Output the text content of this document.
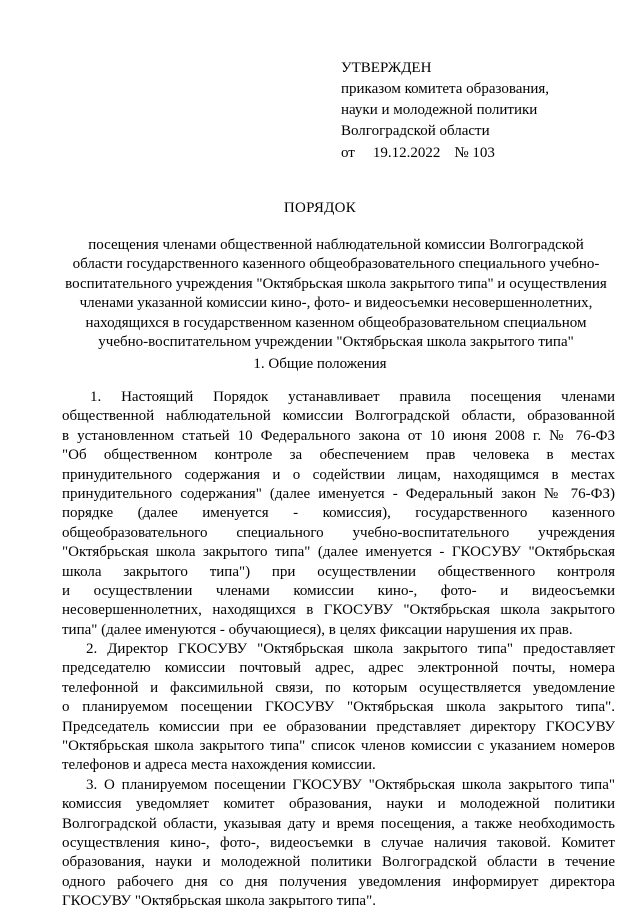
УТВЕРЖДЕН
приказом комитета образования,
науки и молодежной политики
Волгоградской области
от 19.12.2022 № 103
ПОРЯДОК
посещения членами общественной наблюдательной комиссии Волгоградской
области государственного казенного общеобразовательного специального учебно-
воспитательного учреждения "Октябрьская школа закрытого типа" и осуществления
членами указанной комиссии кино-, фото- и видеосъемки несовершеннолетних,
находящихся в государственном казенном общеобразовательном специальном
учебно-воспитательном учреждении "Октябрьская школа закрытого типа"
1. Общие положения
1. Настоящий Порядок устанавливает правила посещения членами
общественной наблюдательной комиссии Волгоградской области, образованной
в установленном статьей 10 Федерального закона от 10 июня 2008 г. № 76-ФЗ
"Об общественном контроле за обеспечением прав человека в местах
принудительного содержания и о содействии лицам, находящимся в местах
принудительного содержания" (далее именуется - Федеральный закон № 76-ФЗ)
порядке (далее именуется - комиссия), государственного казенного
общеобразовательного специального учебно-воспитательного учреждения
"Октябрьская школа закрытого типа" (далее именуется - ГКОСУВУ "Октябрьская
школа закрытого типа") при осуществлении общественного контроля
и осуществлении членами комиссии кино-, фото- и видеосъемки
несовершеннолетних, находящихся в ГКОСУВУ "Октябрьская школа закрытого
типа" (далее именуются - обучающиеся), в целях фиксации нарушения их прав.
2. Директор ГКОСУВУ "Октябрьская школа закрытого типа" предоставляет
председателю комиссии почтовый адрес, адрес электронной почты, номера
телефонной и факсимильной связи, по которым осуществляется уведомление
о планируемом посещении ГКОСУВУ "Октябрьская школа закрытого типа".
Председатель комиссии при ее образовании представляет директору ГКОСУВУ
"Октябрьская школа закрытого типа" список членов комиссии с указанием номеров
телефонов и адреса места нахождения комиссии.
3. О планируемом посещении ГКОСУВУ "Октябрьская школа закрытого типа"
комиссия уведомляет комитет образования, науки и молодежной политики
Волгоградской области, указывая дату и время посещения, а также необходимость
осуществления кино-, фото-, видеосъемки в случае наличия таковой. Комитет
образования, науки и молодежной политики Волгоградской области в течение
одного рабочего дня со дня получения уведомления информирует директора
ГКОСУВУ "Октябрьская школа закрытого типа".
